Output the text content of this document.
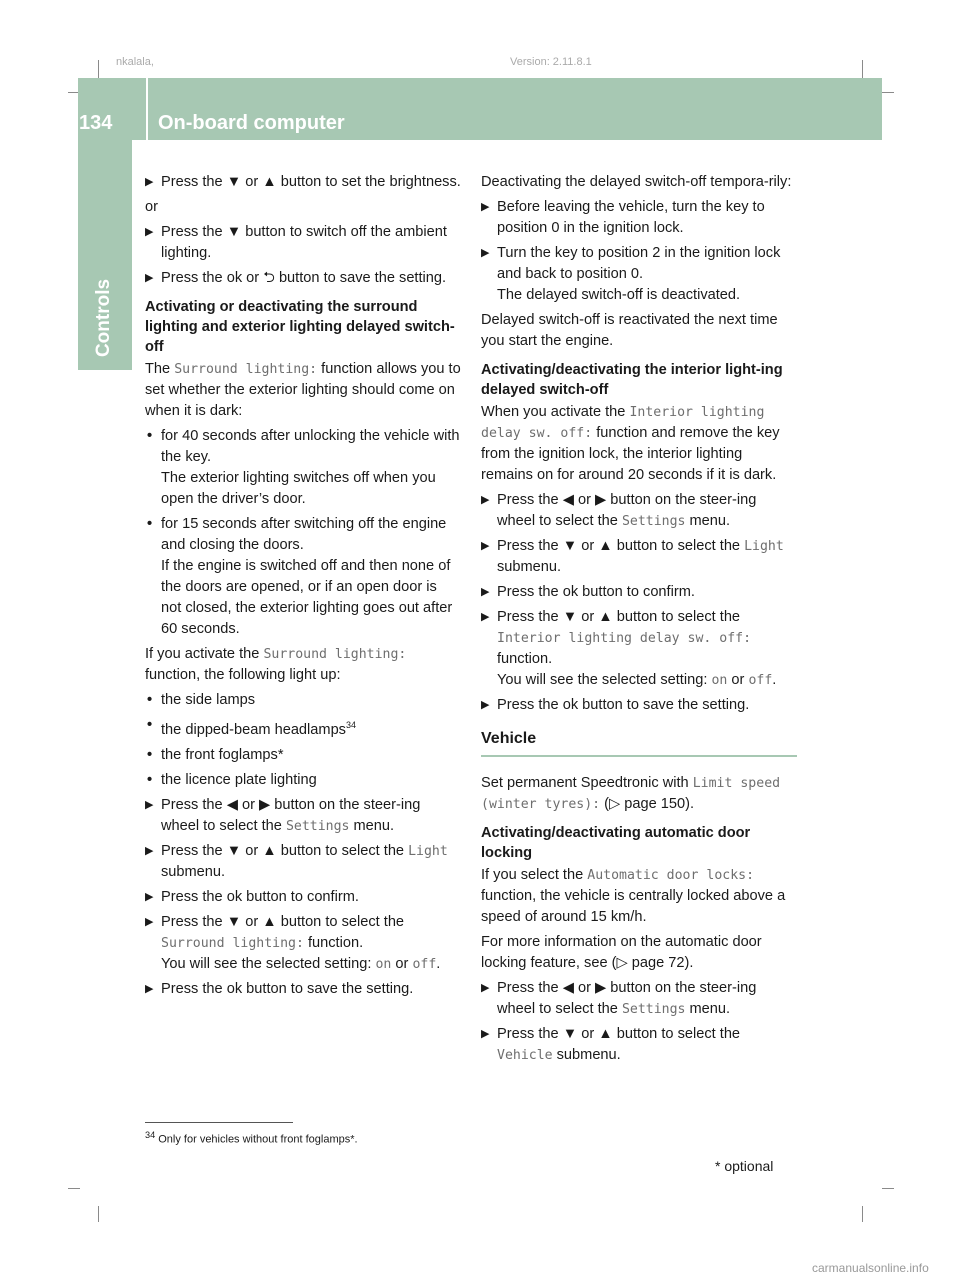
nkalala,	Version: 2.11.8.1
134 On-board computer
Controls
▶ Press the ▼ or ▲ button to set the brightness.

or

▶ Press the ▼ button to switch off the ambient lighting.
▶ Press the ok or ⮌ button to save the setting.
Activating or deactivating the surround lighting and exterior lighting delayed switch-off

The Surround lighting: function allows you to set whether the exterior lighting should come on when it is dark:

• for 40 seconds after unlocking the vehicle with the key.
The exterior lighting switches off when you open the driver’s door.
• for 15 seconds after switching off the engine and closing the doors.
If the engine is switched off and then none of the doors are opened, or if an open door is not closed, the exterior lighting goes out after 60 seconds.

If you activate the Surround lighting: function, the following light up:

• the side lamps
• the dipped-beam headlamps$^{34}$
• the front foglamps*
• the licence plate lighting
▶ Press the ◀ or ▶ button on the steer-ing wheel to select the Settings menu.
▶ Press the ▼ or ▲ button to select the Light submenu.
▶ Press the ok button to confirm.
▶ Press the ▼ or ▲ button to select the Surround lighting: function.
You will see the selected setting: on or off.
▶ Press the ok button to save the setting.

Deactivating the delayed switch-off tempora-rily:

▶ Before leaving the vehicle, turn the key to position 0 in the ignition lock.
▶ Turn the key to position 2 in the ignition lock and back to position 0.
The delayed switch-off is deactivated.

Delayed switch-off is reactivated the next time you start the engine.

Activating/deactivating the interior light-ing delayed switch-off

When you activate the Interior lighting delay sw. off: function and remove the key from the ignition lock, the interior lighting remains on for around 20 seconds if it is dark.

▶ Press the ◀ or ▶ button on the steer-ing wheel to select the Settings menu.
▶ Press the ▼ or ▲ button to select the Light submenu.
▶ Press the ok button to confirm.
▶ Press the ▼ or ▲ button to select the Interior lighting delay sw. off: function.
You will see the selected setting: on or off.
▶ Press the ok button to save the setting.
Vehicle

Set permanent Speedtronic with Limit speed (winter tyres): (▷ page 150).

Activating/deactivating automatic door locking

If you select the Automatic door locks: function, the vehicle is centrally locked above a speed of around 15 km/h.

For more information on the automatic door locking feature, see (▷ page 72).

▶ Press the ◀ or ▶ button on the steer-ing wheel to select the Settings menu.
▶ Press the ▼ or ▲ button to select the Vehicle submenu.
$^{34}$ Only for vehicles without front foglamps*.
* optional
carmanualsonline.info
